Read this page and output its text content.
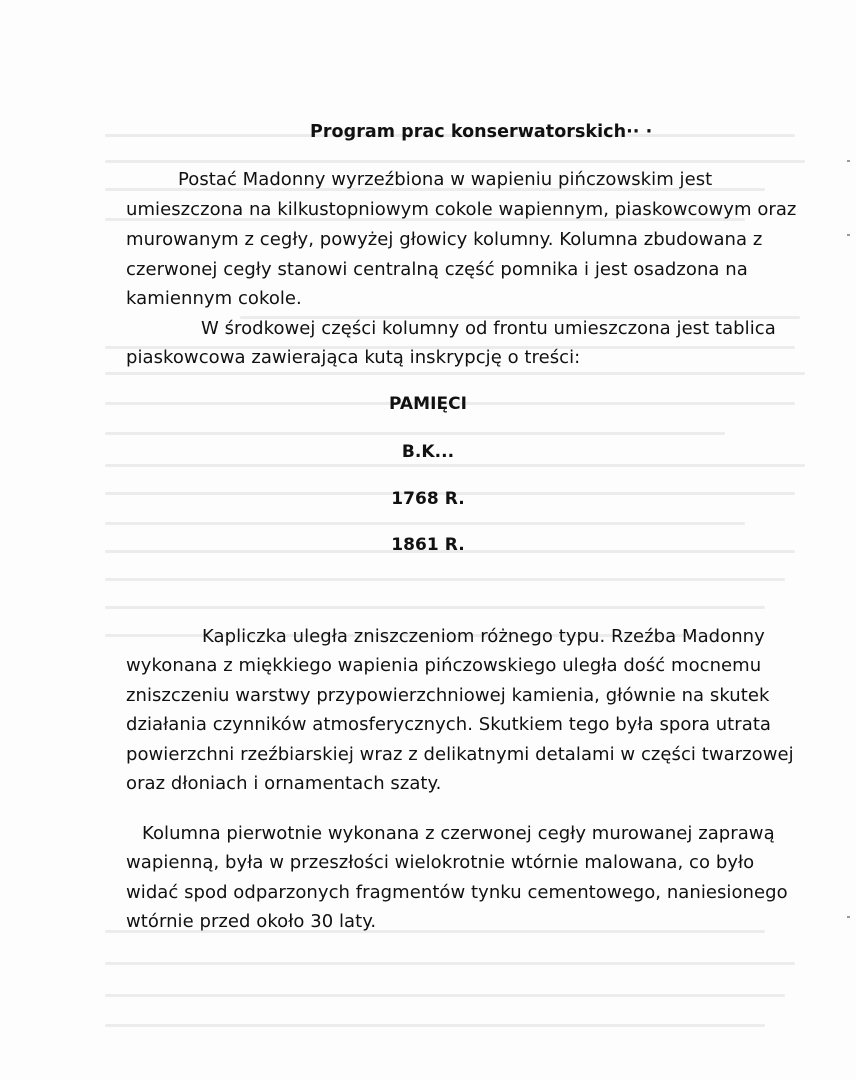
Program prac konserwatorskich·· ·

Postać Madonny wyrzeźbiona w wapieniu pińczowskim jest

umieszczona na kilkustopniowym cokole wapiennym, piaskowcowym oraz

murowanym z cegły, powyżej głowicy kolumny. Kolumna zbudowana z

czerwonej cegły stanowi centralną część pomnika i jest osadzona na

kamiennym cokole.

W środkowej części kolumny od frontu umieszczona jest tablica

piaskowcowa zawierająca kutą inskrypcję o treści:

PAMIĘCI

B.K...

1768 R.

1861 R.

Kapliczka uległa zniszczeniom różnego typu. Rzeźba Madonny

wykonana z miękkiego wapienia pińczowskiego uległa dość mocnemu

zniszczeniu warstwy przypowierzchniowej kamienia, głównie na skutek

działania czynników atmosferycznych. Skutkiem tego była spora utrata

powierzchni rzeźbiarskiej wraz z delikatnymi detalami w części twarzowej

oraz dłoniach i ornamentach szaty.

Kolumna pierwotnie wykonana z czerwonej cegły murowanej zaprawą

wapienną, była w przeszłości wielokrotnie wtórnie malowana, co było

widać spod odparzonych fragmentów tynku cementowego, naniesionego

wtórnie przed około 30 laty.
